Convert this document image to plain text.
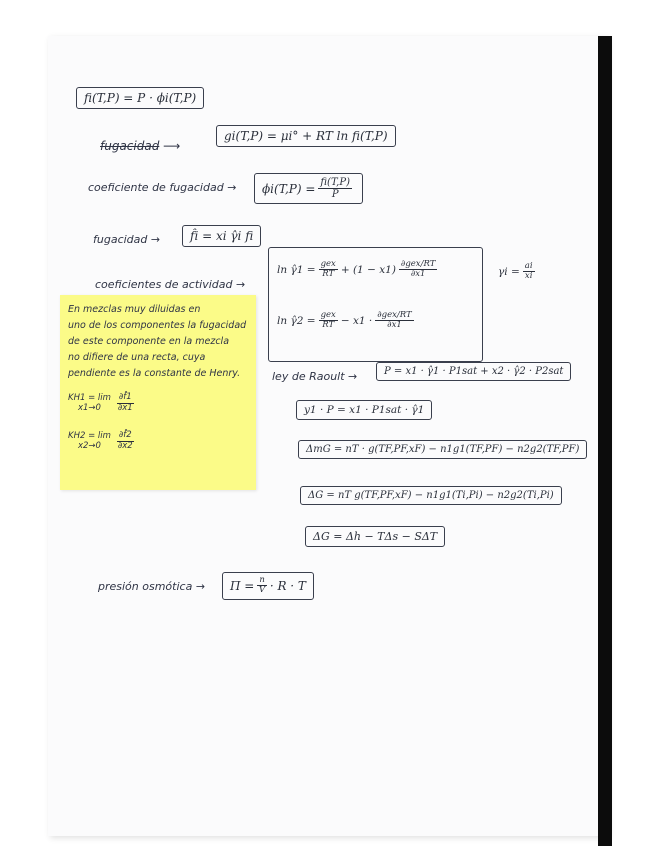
fi(T,P) = P · ϕi(T,P)
fugacidad ⟶
gi(T,P) = μi° + RT ln fi(T,P)
coeficiente de fugacidad → $\phi i(T,P) = \frac{fi(T,P)}{P}$
fugacidad → f̂i = xi γ̂i fi
coeficientes de actividad →
ln γ̂1 = $\frac{\text{gex}}{RT} + (1 - x1) \frac{\text{∂gex/RT}}{\partial x1}$
ln γ̂2 = $\frac{\text{gex}}{RT} - x1 \cdot \frac{\text{∂gex/RT}}{\partial x1}$
$\gamma i = \frac{ai}{xi}$
En mezclas muy diluidas en
uno de los componentes la fugacidad
de este componente en la mezcla
no difiere de una recta, cuya
pendiente es la constante de Henry.
KH1 = lim
$x1\to 0 \frac{\partial f̂1}{\partial x1}$
KH2 = lim
$x2\to 0 \frac{\partial f̂2}{\partial x2}$
ley de Raoult →	P = x1 · γ̂1 · P1sat + x2 · γ̂2 · P2sat
y1 · P = x1 · P1sat · γ̂1
ΔmG = nT · g(TF,PF,xF) − n1g1(TF,PF) − n2g2(TF,PF)
ΔG = nT g(TF,PF,xF) − n1g1(Ti,Pi) − n2g2(Ti,Pi)
ΔG = Δh − TΔs − SΔT
presión osmótica → $\Pi = \frac{n}{V} \cdot R \cdot T$
